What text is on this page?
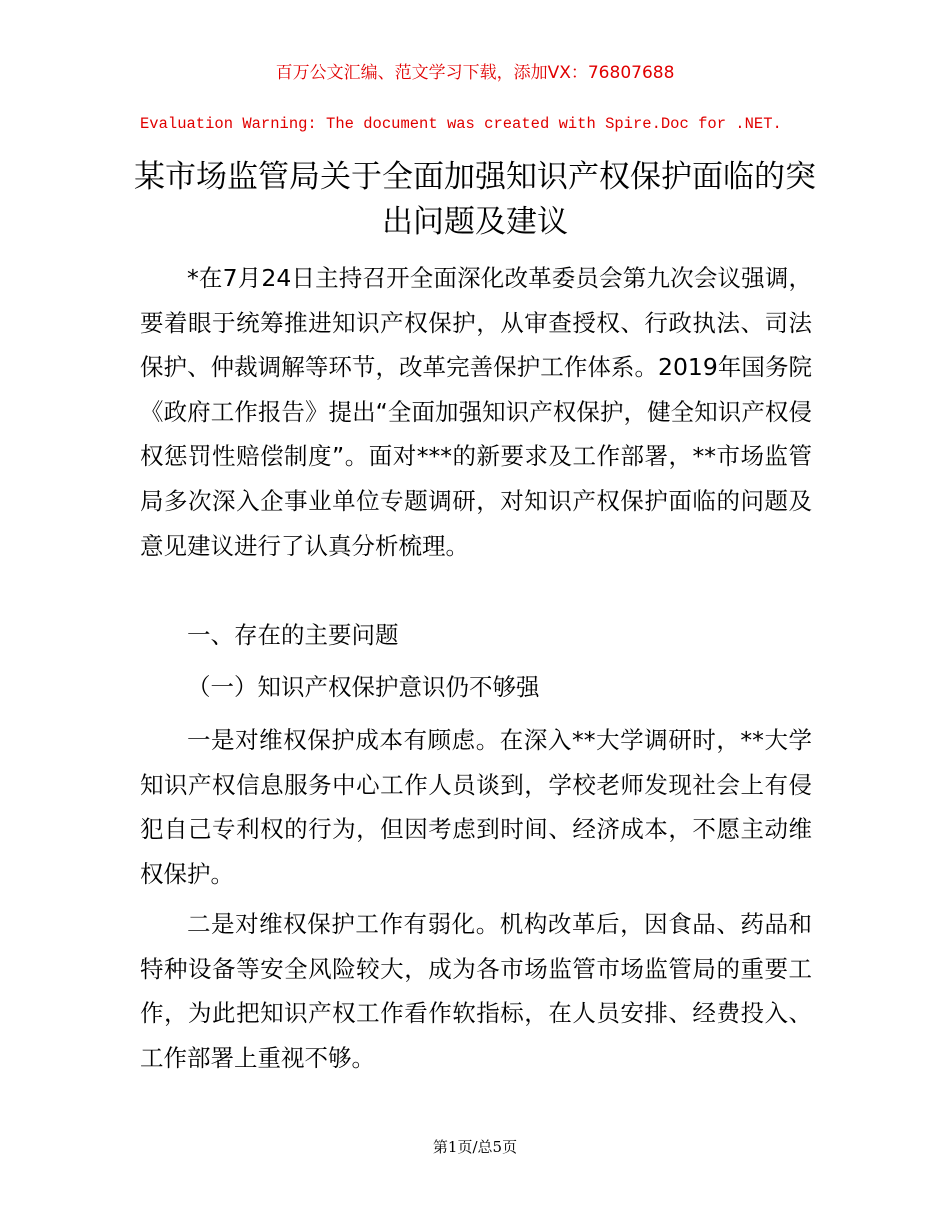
百万公文汇编、范文学习下载，添加VX：76807688
Evaluation Warning: The document was created with Spire.Doc for .NET.
某市场监管局关于全面加强知识产权保护面临的突出问题及建议

*在7月24日主持召开全面深化改革委员会第九次会议强调，要着眼于统筹推进知识产权保护，从审查授权、行政执法、司法保护、仲裁调解等环节，改革完善保护工作体系。2019年国务院《政府工作报告》提出“全面加强知识产权保护，健全知识产权侵权惩罚性赔偿制度”。面对***的新要求及工作部署，**市场监管局多次深入企事业单位专题调研，对知识产权保护面临的问题及意见建议进行了认真分析梳理。

一、存在的主要问题

（一）知识产权保护意识仍不够强

一是对维权保护成本有顾虑。在深入**大学调研时，**大学知识产权信息服务中心工作人员谈到，学校老师发现社会上有侵犯自己专利权的行为，但因考虑到时间、经济成本，不愿主动维权保护。

二是对维权保护工作有弱化。机构改革后，因食品、药品和特种设备等安全风险较大，成为各市场监管市场监管局的重要工作，为此把知识产权工作看作软指标，在人员安排、经费投入、工作部署上重视不够。

第1页/总5页
